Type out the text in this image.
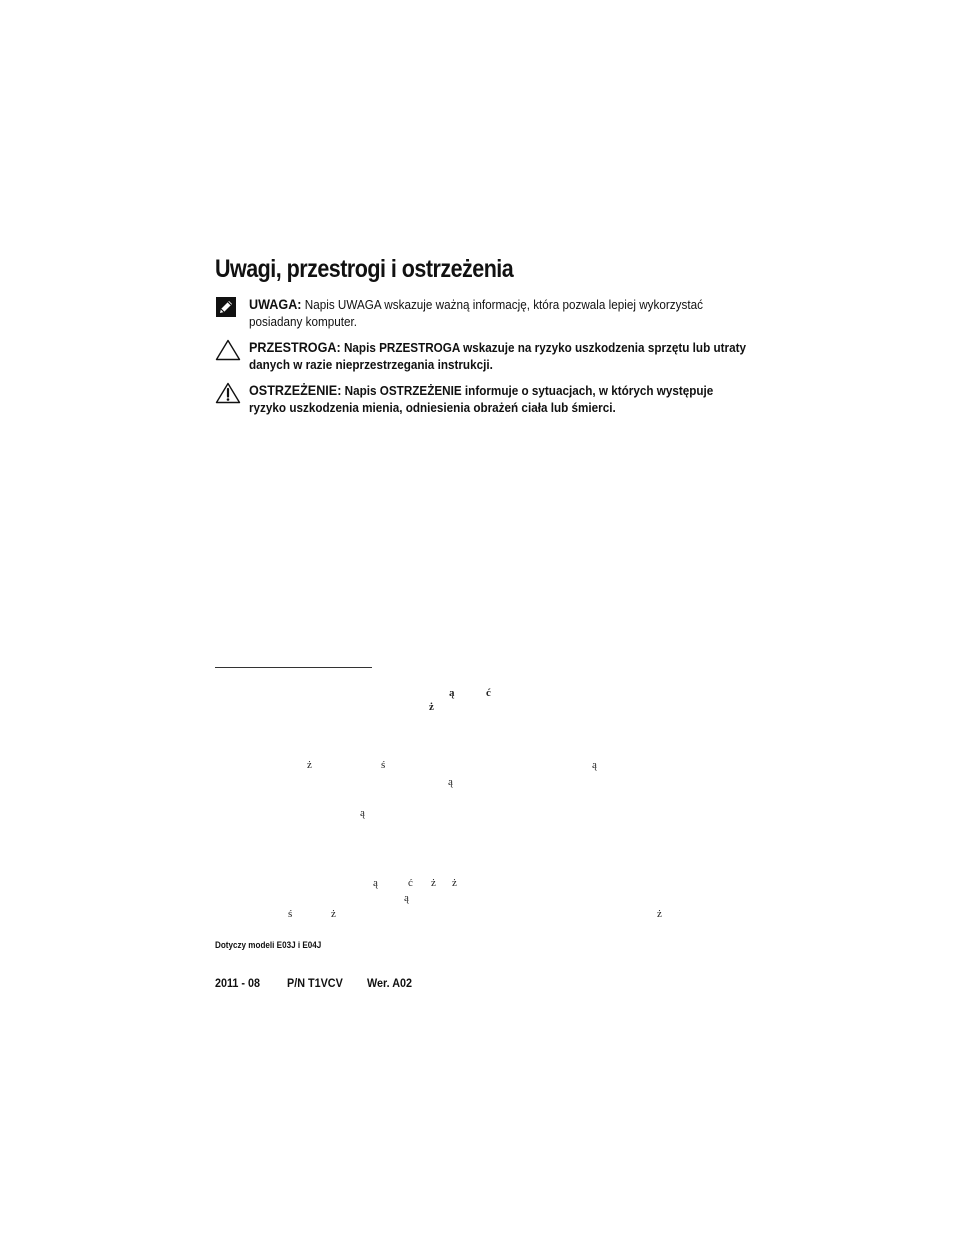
Uwagi, przestrogi i ostrzeżenia
UWAGA: Napis UWAGA wskazuje ważną informację, która pozwala lepiej wykorzystać posiadany komputer.
PRZESTROGA: Napis PRZESTROGA wskazuje na ryzyko uszkodzenia sprzętu lub utraty danych w razie nieprzestrzegania instrukcji.
OSTRZEŻENIE: Napis OSTRZEŻENIE informuje o sytuacjach, w których występuje ryzyko uszkodzenia mienia, odniesienia obrażeń ciała lub śmierci.
ą	ć
ż
ż	ś	ą
ą
ą
ą	ć ż ż
ą
ś	ż	ż
Dotyczy modeli E03J i E04J
2011 - 08 P/N T1VCV Wer. A02
